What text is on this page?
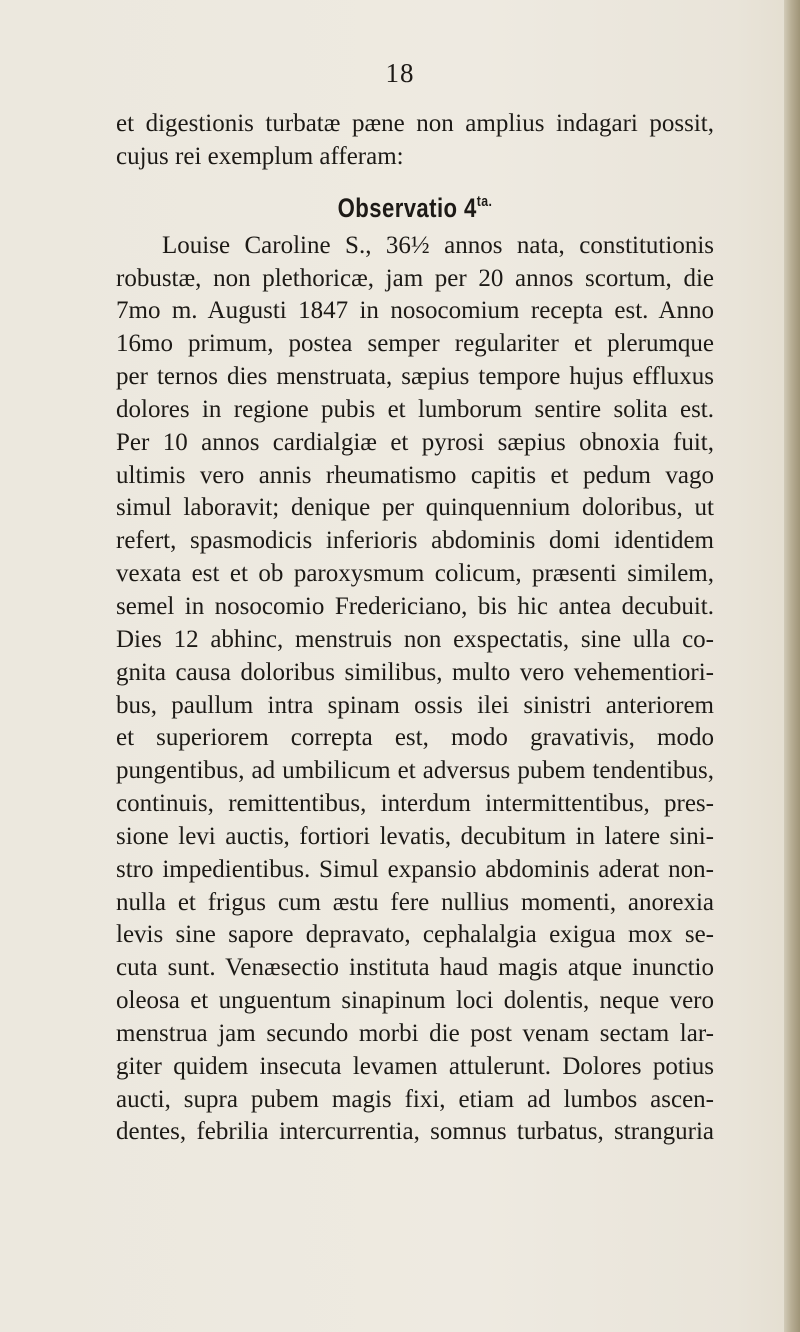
18
et digestionis turbatæ pæne non amplius indagari possit,
cujus rei exemplum afferam:
Observatio $4^{ta.}$
Louise Caroline S., 36½ annos nata, constitutionis
robustæ, non plethoricæ, jam per 20 annos scortum, die
7mo m. Augusti 1847 in nosocomium recepta est. Anno
16mo primum, postea semper regulariter et plerumque
per ternos dies menstruata, sæpius tempore hujus effluxus
dolores in regione pubis et lumborum sentire solita est.
Per 10 annos cardialgiæ et pyrosi sæpius obnoxia fuit,
ultimis vero annis rheumatismo capitis et pedum vago
simul laboravit; denique per quinquennium doloribus, ut
refert, spasmodicis inferioris abdominis domi identidem
vexata est et ob paroxysmum colicum, præsenti similem,
semel in nosocomio Fredericiano, bis hic antea decubuit.
Dies 12 abhinc, menstruis non exspectatis, sine ulla co-
gnita causa doloribus similibus, multo vero vehementiori-
bus, paullum intra spinam ossis ilei sinistri anteriorem
et superiorem correpta est, modo gravativis, modo
pungentibus, ad umbilicum et adversus pubem tendentibus,
continuis, remittentibus, interdum intermittentibus, pres-
sione levi auctis, fortiori levatis, decubitum in latere sini-
stro impedientibus. Simul expansio abdominis aderat non-
nulla et frigus cum æstu fere nullius momenti, anorexia
levis sine sapore depravato, cephalalgia exigua mox se-
cuta sunt. Venæsectio instituta haud magis atque inunctio
oleosa et unguentum sinapinum loci dolentis, neque vero
menstrua jam secundo morbi die post venam sectam lar-
giter quidem insecuta levamen attulerunt. Dolores potius
aucti, supra pubem magis fixi, etiam ad lumbos ascen-
dentes, febrilia intercurrentia, somnus turbatus, stranguria
